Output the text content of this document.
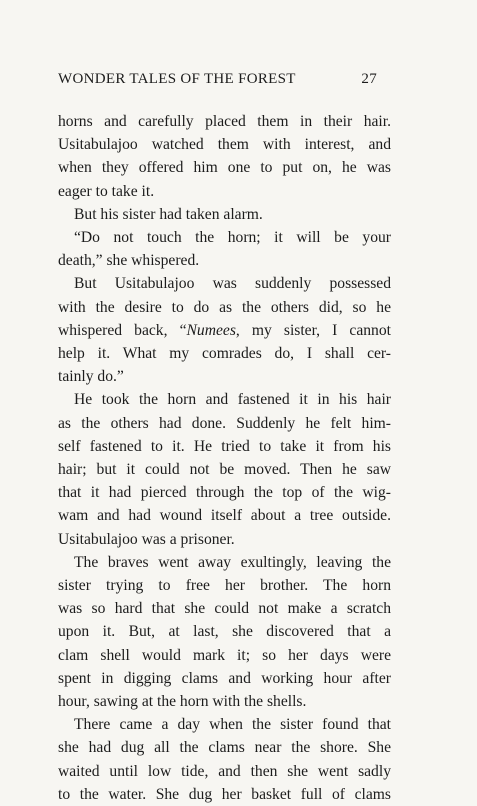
WONDER TALES OF THE FOREST	27
horns and carefully placed them in their hair.
Usitabulajoo watched them with interest, and
when they offered him one to put on, he was
eager to take it.
But his sister had taken alarm.
“Do not touch the horn; it will be your
death,” she whispered.
But Usitabulajoo was suddenly possessed
with the desire to do as the others did, so he
whispered back, “Numees, my sister, I cannot
help it. What my comrades do, I shall cer-
tainly do.”
He took the horn and fastened it in his hair
as the others had done. Suddenly he felt him-
self fastened to it. He tried to take it from his
hair; but it could not be moved. Then he saw
that it had pierced through the top of the wig-
wam and had wound itself about a tree outside.
Usitabulajoo was a prisoner.
The braves went away exultingly, leaving the
sister trying to free her brother. The horn
was so hard that she could not make a scratch
upon it. But, at last, she discovered that a
clam shell would mark it; so her days were
spent in digging clams and working hour after
hour, sawing at the horn with the shells.
There came a day when the sister found that
she had dug all the clams near the shore. She
waited until low tide, and then she went sadly
to the water. She dug her basket full of clams
